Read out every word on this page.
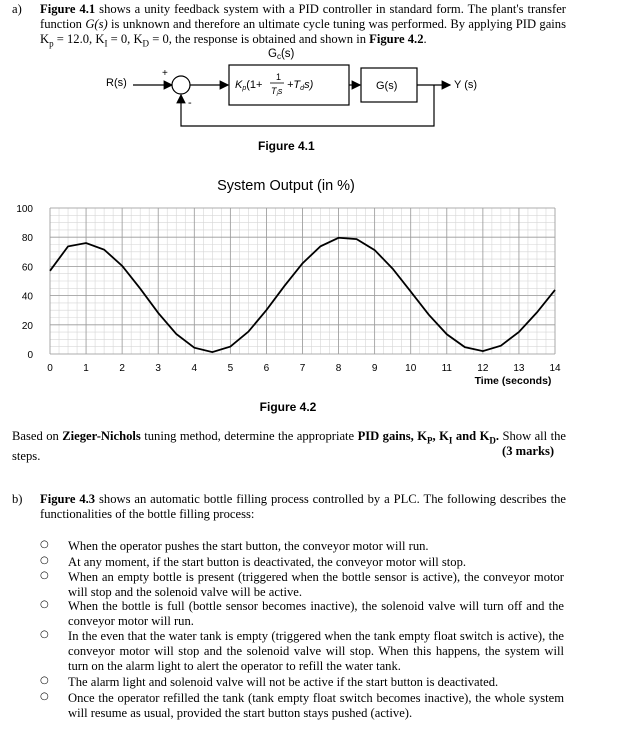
a) Figure 4.1 shows a unity feedback system with a PID controller in standard form. The plant's transfer function G(s) is unknown and therefore an ultimate cycle tuning was performed. By applying PID gains $K_p = 12.0$, $K_I = 0$, $K_D = 0$, the response is obtained and shown in Figure 4.2.
Gc(s)
R(s)
+
-
Kp(1+
1
$T_is +Tds$)	G(s)	Y (s)
Figure 4.1
System Output (in %)
0
20
40
60
80
100
0	1	2	3	4	5	6	7	8	9	10	11	12 13 14
Time (seconds)
Figure 4.2
Based on Zieger-Nichols tuning method, determine the appropriate PID gains, $K_P$, $K_I$ and $K_D$. Show all the steps.	(3 marks)
b) Figure 4.3 shows an automatic bottle filling process controlled by a PLC. The following describes the functionalities of the bottle filling process:
○ When the operator pushes the start button, the conveyor motor will run.
○ At any moment, if the start button is deactivated, the conveyor motor will stop.
○ When an empty bottle is present (triggered when the bottle sensor is active), the conveyor motor will stop and the solenoid valve will be active.
○ When the bottle is full (bottle sensor becomes inactive), the solenoid valve will turn off and the conveyor motor will run.
○ In the even that the water tank is empty (triggered when the tank empty float switch is active), the conveyor motor will stop and the solenoid valve will stop. When this happens, the system will turn on the alarm light to alert the operator to refill the water tank.
○ The alarm light and solenoid valve will not be active if the start button is deactivated.
○ Once the operator refilled the tank (tank empty float switch becomes inactive), the whole system will resume as usual, provided the start button stays pushed (active).
